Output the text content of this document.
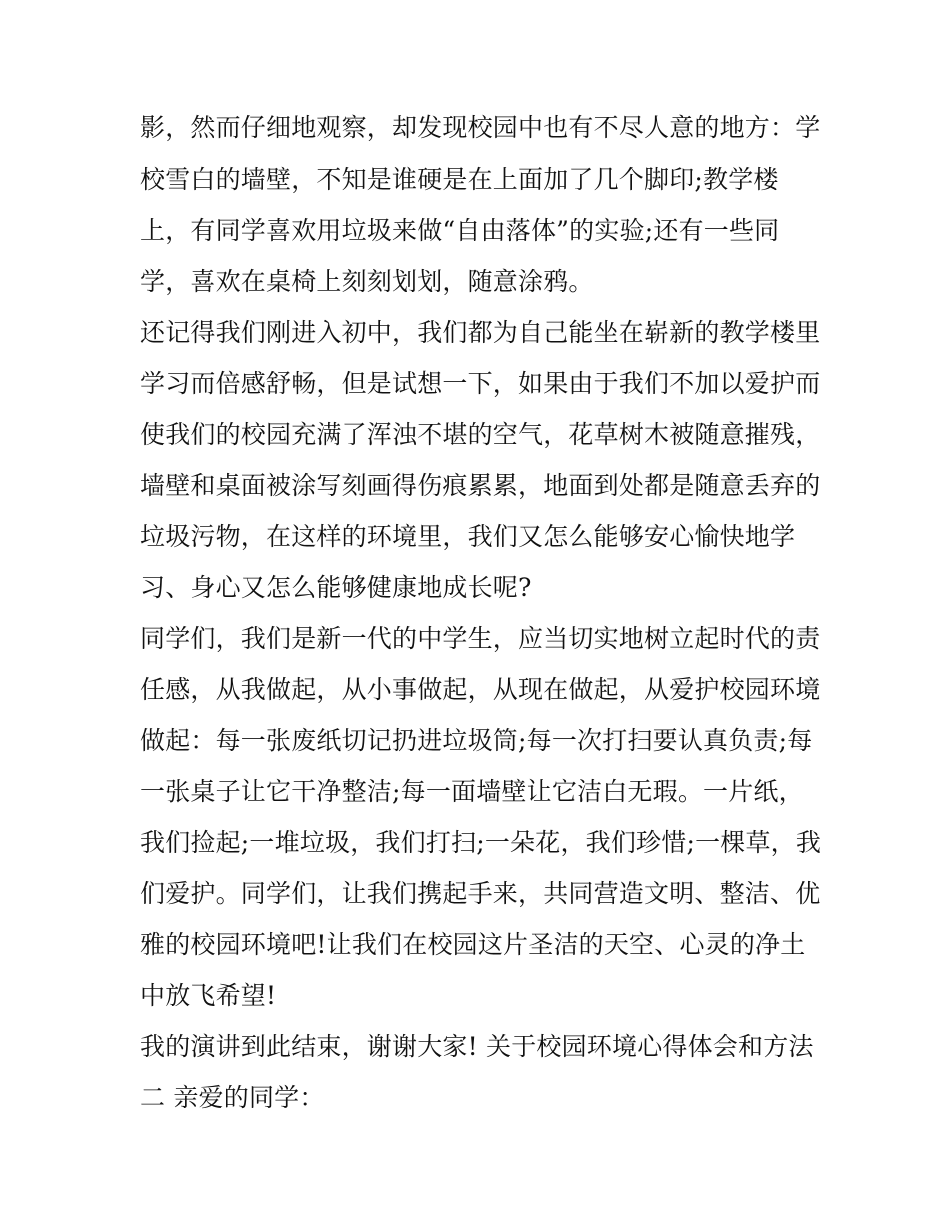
影，然而仔细地观察，却发现校园中也有不尽人意的地方：学
校雪白的墙壁，不知是谁硬是在上面加了几个脚印;教学楼
上，有同学喜欢用垃圾来做“自由落体”的实验;还有一些同
学，喜欢在桌椅上刻刻划划，随意涂鸦。
还记得我们刚进入初中，我们都为自己能坐在崭新的教学楼里
学习而倍感舒畅，但是试想一下，如果由于我们不加以爱护而
使我们的校园充满了浑浊不堪的空气，花草树木被随意摧残，
墙壁和桌面被涂写刻画得伤痕累累，地面到处都是随意丢弃的
垃圾污物，在这样的环境里，我们又怎么能够安心愉快地学
习、身心又怎么能够健康地成长呢?
同学们，我们是新一代的中学生，应当切实地树立起时代的责
任感，从我做起，从小事做起，从现在做起，从爱护校园环境
做起：每一张废纸切记扔进垃圾筒;每一次打扫要认真负责;每
一张桌子让它干净整洁;每一面墙壁让它洁白无瑕。一片纸，
我们捡起;一堆垃圾，我们打扫;一朵花，我们珍惜;一棵草，我
们爱护。同学们，让我们携起手来，共同营造文明、整洁、优
雅的校园环境吧!让我们在校园这片圣洁的天空、心灵的净土
中放飞希望!
我的演讲到此结束，谢谢大家! 关于校园环境心得体会和方法
二 亲爱的同学：
